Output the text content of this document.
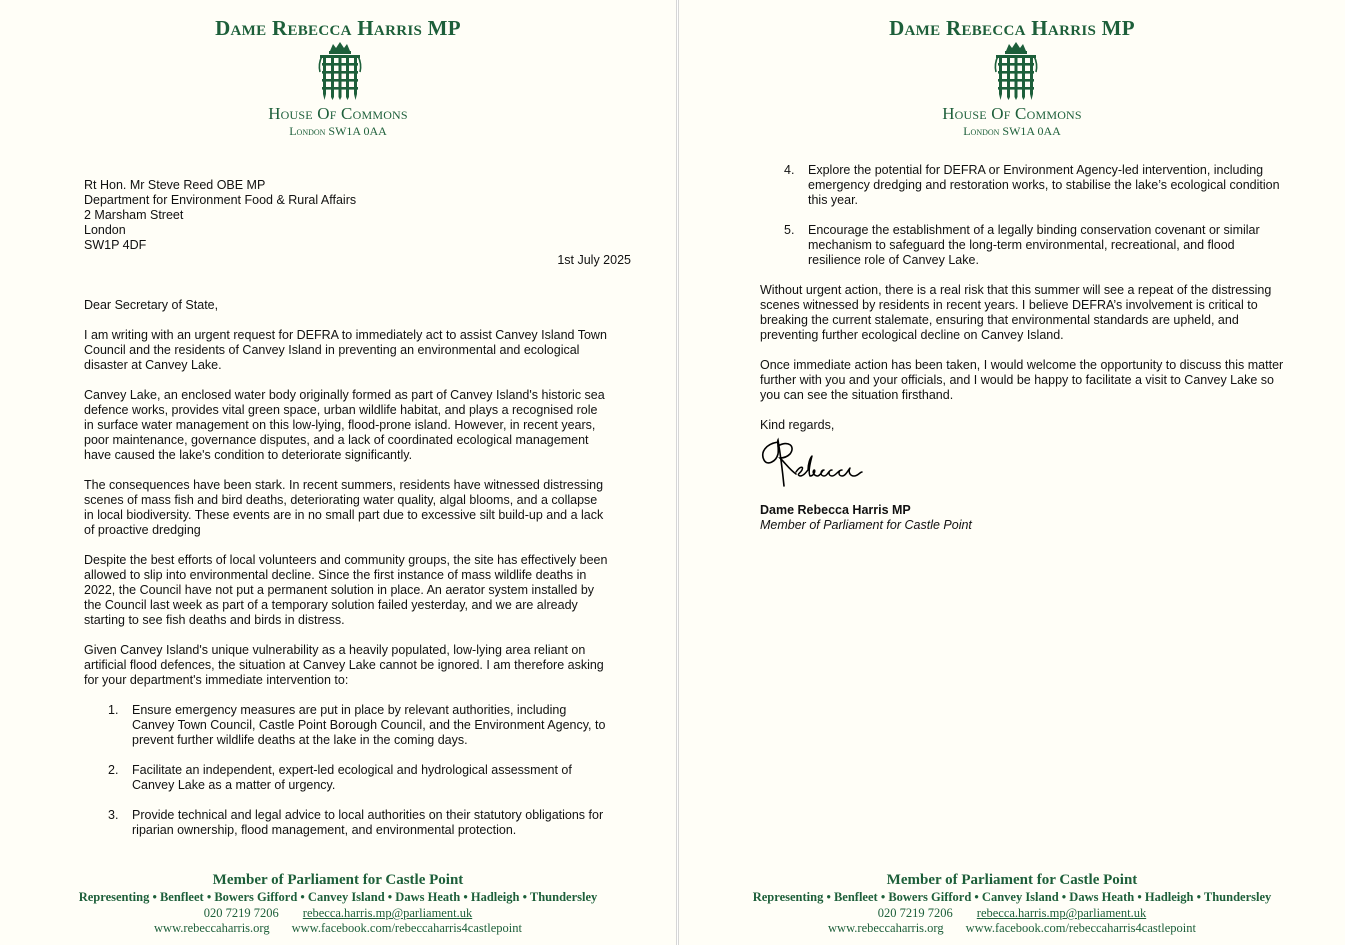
Dame Rebecca Harris MP
House Of Commons
London SW1A 0AA
Rt Hon. Mr Steve Reed OBE MP
Department for Environment Food & Rural Affairs
2 Marsham Street
London
SW1P 4DF
1st July 2025
Dear Secretary of State,
I am writing with an urgent request for DEFRA to immediately act to assist Canvey Island Town
Council and the residents of Canvey Island in preventing an environmental and ecological
disaster at Canvey Lake.
Canvey Lake, an enclosed water body originally formed as part of Canvey Island's historic sea
defence works, provides vital green space, urban wildlife habitat, and plays a recognised role
in surface water management on this low-lying, flood-prone island. However, in recent years,
poor maintenance, governance disputes, and a lack of coordinated ecological management
have caused the lake's condition to deteriorate significantly.
The consequences have been stark. In recent summers, residents have witnessed distressing
scenes of mass fish and bird deaths, deteriorating water quality, algal blooms, and a collapse
in local biodiversity. These events are in no small part due to excessive silt build-up and a lack
of proactive dredging
Despite the best efforts of local volunteers and community groups, the site has effectively been
allowed to slip into environmental decline. Since the first instance of mass wildlife deaths in
2022, the Council have not put a permanent solution in place. An aerator system installed by
the Council last week as part of a temporary solution failed yesterday, and we are already
starting to see fish deaths and birds in distress.
Given Canvey Island's unique vulnerability as a heavily populated, low-lying area reliant on
artificial flood defences, the situation at Canvey Lake cannot be ignored. I am therefore asking
for your department's immediate intervention to:
1. Ensure emergency measures are put in place by relevant authorities, including
Canvey Town Council, Castle Point Borough Council, and the Environment Agency, to
prevent further wildlife deaths at the lake in the coming days.
2. Facilitate an independent, expert-led ecological and hydrological assessment of
Canvey Lake as a matter of urgency.
3. Provide technical and legal advice to local authorities on their statutory obligations for
riparian ownership, flood management, and environmental protection.
Member of Parliament for Castle Point
Representing • Benfleet • Bowers Gifford • Canvey Island • Daws Heath • Hadleigh • Thundersley
020 7219 7206 rebecca.harris.mp@parliament.uk
www.rebeccaharris.org www.facebook.com/rebeccaharris4castlepoint
Dame Rebecca Harris MP
House Of Commons
London SW1A 0AA
4. Explore the potential for DEFRA or Environment Agency-led intervention, including
emergency dredging and restoration works, to stabilise the lake’s ecological condition
this year.
5. Encourage the establishment of a legally binding conservation covenant or similar
mechanism to safeguard the long-term environmental, recreational, and flood
resilience role of Canvey Lake.
Without urgent action, there is a real risk that this summer will see a repeat of the distressing
scenes witnessed by residents in recent years. I believe DEFRA’s involvement is critical to
breaking the current stalemate, ensuring that environmental standards are upheld, and
preventing further ecological decline on Canvey Island.
Once immediate action has been taken, I would welcome the opportunity to discuss this matter
further with you and your officials, and I would be happy to facilitate a visit to Canvey Lake so
you can see the situation firsthand.
Kind regards,
Dame Rebecca Harris MP
Member of Parliament for Castle Point
Member of Parliament for Castle Point
Representing • Benfleet • Bowers Gifford • Canvey Island • Daws Heath • Hadleigh • Thundersley
020 7219 7206 rebecca.harris.mp@parliament.uk
www.rebeccaharris.org www.facebook.com/rebeccaharris4castlepoint
